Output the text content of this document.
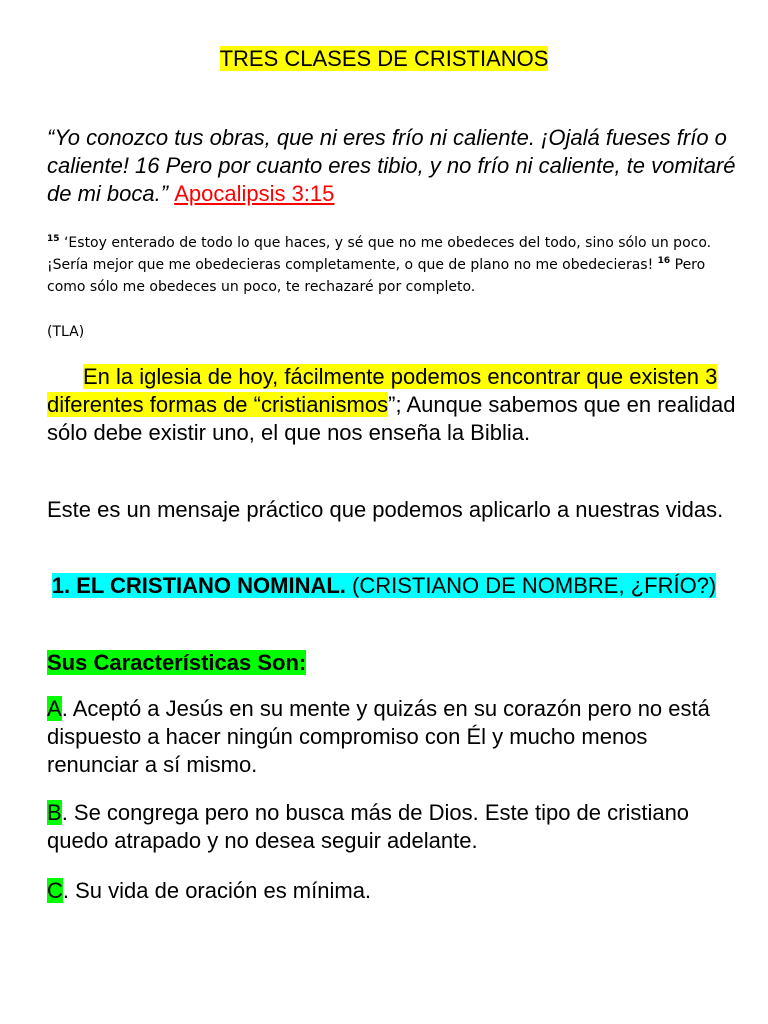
TRES CLASES DE CRISTIANOS
“Yo conozco tus obras, que ni eres frío ni caliente. ¡Ojalá fueses frío o caliente! 16 Pero por cuanto eres tibio, y no frío ni caliente, te vomitaré de mi boca.” Apocalipsis 3:15
$^{15}$ ‘Estoy enterado de todo lo que haces, y sé que no me obedeces del todo, sino sólo un poco. ¡Sería mejor que me obedecieras completamente, o que de plano no me obedecieras! $^{16}$ Pero como sólo me obedeces un poco, te rechazaré por completo.
(TLA)
En la iglesia de hoy, fácilmente podemos encontrar que existen 3 diferentes formas de “cristianismos”; Aunque sabemos que en realidad sólo debe existir uno, el que nos enseña la Biblia.
Este es un mensaje práctico que podemos aplicarlo a nuestras vidas.
1. EL CRISTIANO NOMINAL. (CRISTIANO DE NOMBRE, ¿FRÍO?)
Sus Características Son:
A. Aceptó a Jesús en su mente y quizás en su corazón pero no está dispuesto a hacer ningún compromiso con Él y mucho menos renunciar a sí mismo.
B. Se congrega pero no busca más de Dios. Este tipo de cristiano quedo atrapado y no desea seguir adelante.
C. Su vida de oración es mínima.
